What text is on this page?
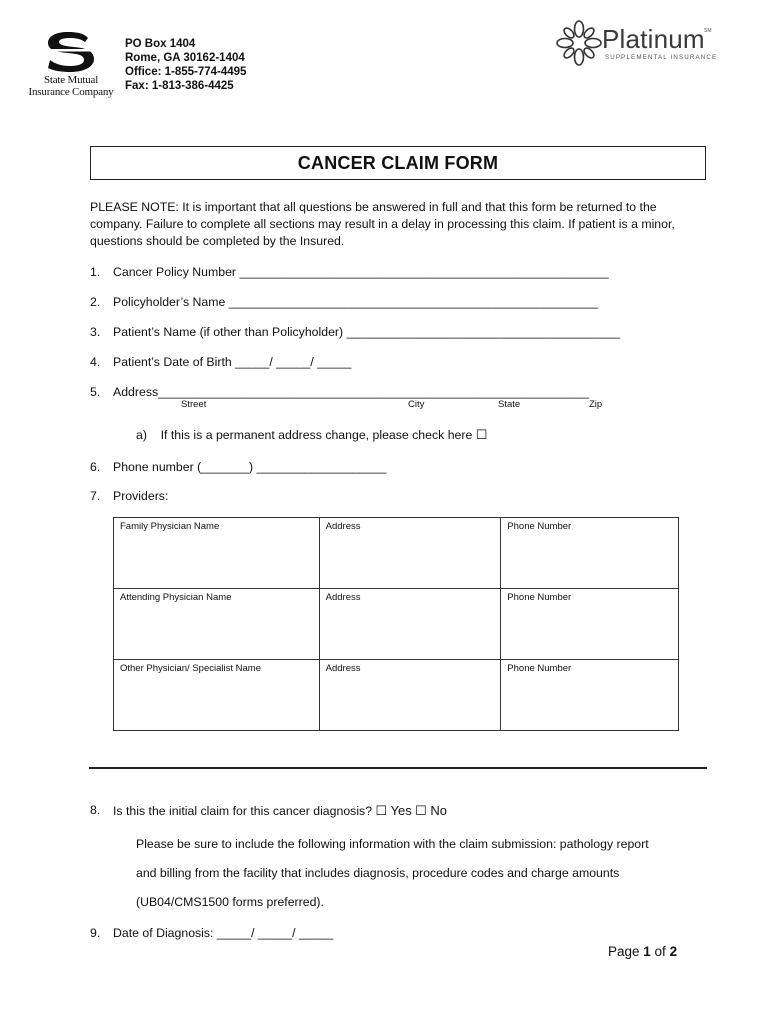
State Mutual
Insurance Company
PO Box 1404
Rome, GA 30162-1404
Office: 1-855-774-4495
Fax: 1-813-386-4425
Platinum SM
SUPPLEMENTAL INSURANCE
CANCER CLAIM FORM
PLEASE NOTE: It is important that all questions be answered in full and that this form be returned to the company. Failure to complete all sections may result in a delay in processing this claim. If patient is a minor, questions should be completed by the Insured.
1. Cancer Policy Number ______________________________________________________
2. Policyholder’s Name ______________________________________________________
3. Patient’s Name (if other than Policyholder) ________________________________________
4. Patient’s Date of Birth _____/ _____/ _____
5. Address_______________________________________________________________
Street	City	State	Zip
a)    If this is a permanent address change, please check here ☐
6. Phone number (_______) ___________________
7. Providers:
Family Physician Name	Address	Phone Number
Attending Physician Name	Address	Phone Number
Other Physician/ Specialist Name	Address	Phone Number
8. Is this the initial claim for this cancer diagnosis? ☐ Yes ☐ No
Please be sure to include the following information with the claim submission: pathology report
and billing from the facility that includes diagnosis, procedure codes and charge amounts
(UB04/CMS1500 forms preferred).
9. Date of Diagnosis: _____/ _____/ _____
Page 1 of 2
